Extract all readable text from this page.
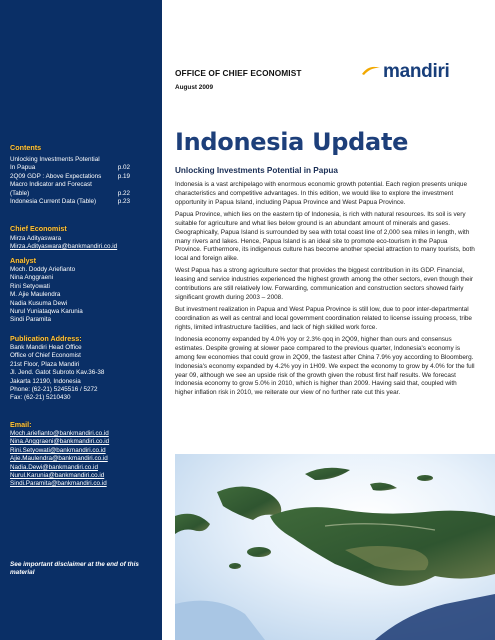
Contents
Unlocking Investments Potential
In Papua	p.02
2Q09 GDP : Above Expectations	p.19
Macro Indicator and Forecast
(Table)	p.22
Indonesia Current Data (Table)	p.23
Chief Economist
Mirza Adityaswara
Mirza.Adityaswara@bankmandiri.co.id
Analyst
Moch. Doddy Ariefianto
Nina Anggraeni
Rini Setyowati
M. Ajie Maulendra
Nadia Kusuma Dewi
Nurul Yuniataqwa Karunia
Sindi Paramita
Publication Address:
Bank Mandiri Head Office
Office of Chief Economist
21st Floor, Plaza Mandiri
Jl. Jend. Gatot Subroto Kav.36-38
Jakarta 12190, Indonesia
Phone: (62-21) 5245516 / 5272
Fax: (62-21) 5210430
Email:
Moch.ariefianto@bankmandiri.co.id
Nina.Anggraeni@bankmandiri.co.id
Rini.Setyowati@bankmandiri.co.id
Ajie.Maulendra@bankmandiri.co.id
Nadia.Dewi@bankmandiri.co.id
Nurul.Karunia@bankmandiri.co.id
Sindi.Paramita@bankmandiri.co.id
See important disclaimer at the end of this material
OFFICE OF CHIEF ECONOMIST
August 2009
mandiri
Indonesia Update
Unlocking Investments Potential in Papua

Indonesia is a vast archipelago with enormous economic growth potential. Each region presents unique characteristics and competitive advantages. In this edition, we would like to explore the investment opportunity in Papua Island, including Papua Province and West Papua Province.

Papua Province, which lies on the eastern tip of Indonesia, is rich with natural resources. Its soil is very suitable for agriculture and what lies below ground is an abundant amount of minerals and gases. Geographically, Papua Island is surrounded by sea with total coast line of 2,000 sea miles in length, with many rivers and lakes. Hence, Papua Island is an ideal site to promote eco-tourism in the Papua Province. Furthermore, its indigenous culture has become another special attraction to many tourists, both local and foreign alike.

West Papua has a strong agriculture sector that provides the biggest contribution in its GDP. Financial, leasing and service industries experienced the highest growth among the other sectors, even though their contributions are still relatively low. Forwarding, communication and construction sectors showed fairly significant growth during 2003 – 2008.

But investment realization in Papua and West Papua Province is still low, due to poor inter-departmental coordination as well as central and local government coordination related to license issuing process, tribe rights, limited infrastructure facilities, and lack of high skilled work force.

Indonesia economy expanded by 4.0% yoy or 2.3% qoq in 2Q09, higher than ours and consensus estimates. Despite growing at slower pace compared to the previous quarter, Indonesia's economy is among few economies that could grow in 2Q09, the fastest after China 7.9% yoy according to Bloomberg. Indonesia's economy expanded by 4.2% yoy in 1H09. We expect the economy to grow by 4.0% for the full year 09, although we see an upside risk of the growth given the robust first half results. We forecast Indonesia economy to grow 5.0% in 2010, which is higher than 2009. Having said that, coupled with higher inflation risk in 2010, we reiterate our view of no further rate cut this year.
